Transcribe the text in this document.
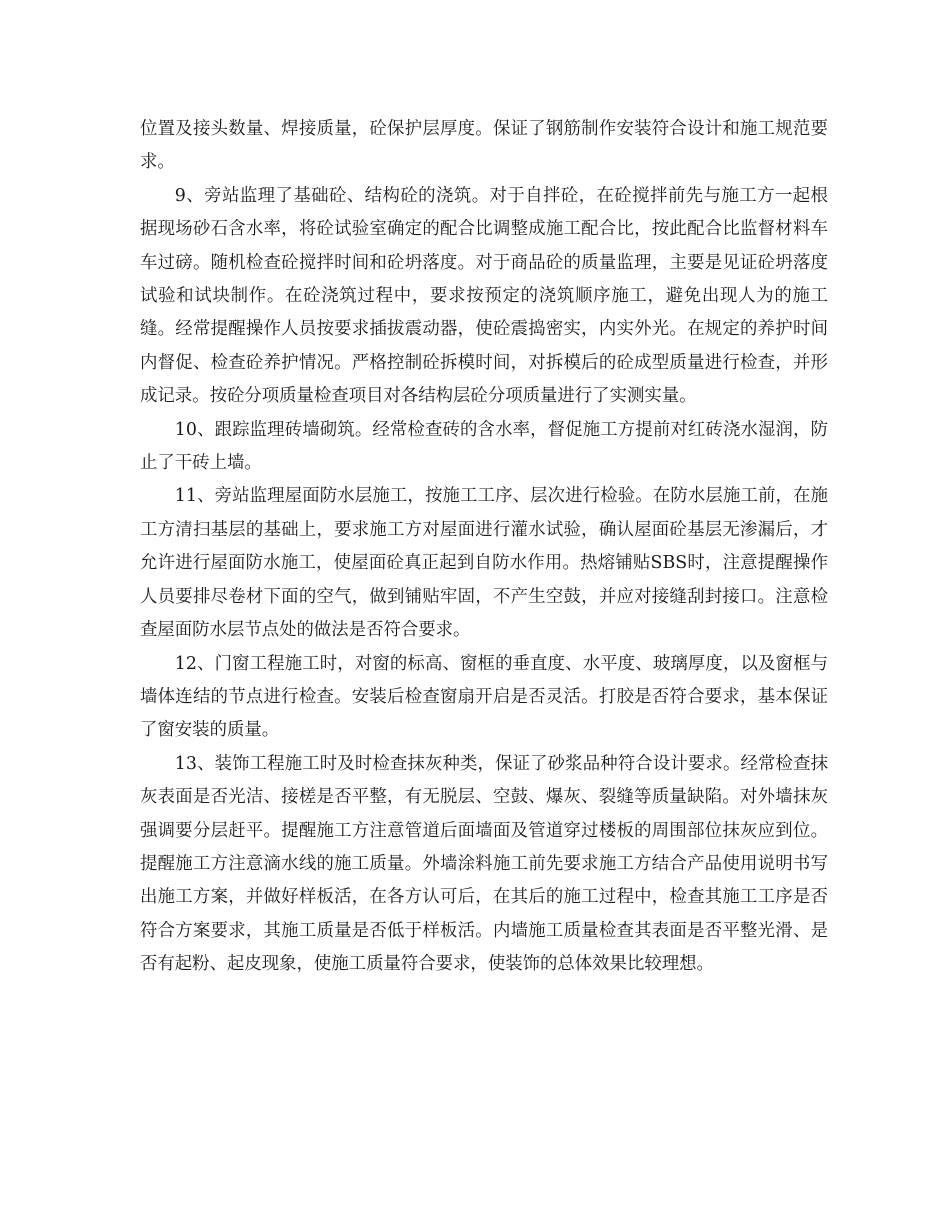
位置及接头数量、焊接质量，砼保护层厚度。保证了钢筋制作安装符合设计和施工规范要求。

9、旁站监理了基础砼、结构砼的浇筑。对于自拌砼，在砼搅拌前先与施工方一起根据现场砂石含水率，将砼试验室确定的配合比调整成施工配合比，按此配合比监督材料车车过磅。随机检查砼搅拌时间和砼坍落度。对于商品砼的质量监理，主要是见证砼坍落度试验和试块制作。在砼浇筑过程中，要求按预定的浇筑顺序施工，避免出现人为的施工缝。经常提醒操作人员按要求插拔震动器，使砼震捣密实，内实外光。在规定的养护时间内督促、检查砼养护情况。严格控制砼拆模时间，对拆模后的砼成型质量进行检查，并形成记录。按砼分项质量检查项目对各结构层砼分项质量进行了实测实量。

10、跟踪监理砖墙砌筑。经常检查砖的含水率，督促施工方提前对红砖浇水湿润，防止了干砖上墙。

11、旁站监理屋面防水层施工，按施工工序、层次进行检验。在防水层施工前，在施工方清扫基层的基础上，要求施工方对屋面进行灌水试验，确认屋面砼基层无渗漏后，才允许进行屋面防水施工，使屋面砼真正起到自防水作用。热熔铺贴SBS时，注意提醒操作人员要排尽卷材下面的空气，做到铺贴牢固，不产生空鼓，并应对接缝刮封接口。注意检查屋面防水层节点处的做法是否符合要求。

12、门窗工程施工时，对窗的标高、窗框的垂直度、水平度、玻璃厚度，以及窗框与墙体连结的节点进行检查。安装后检查窗扇开启是否灵活。打胶是否符合要求，基本保证了窗安装的质量。

13、装饰工程施工时及时检查抹灰种类，保证了砂浆品种符合设计要求。经常检查抹灰表面是否光洁、接槎是否平整，有无脱层、空鼓、爆灰、裂缝等质量缺陷。对外墙抹灰强调要分层赶平。提醒施工方注意管道后面墙面及管道穿过楼板的周围部位抹灰应到位。提醒施工方注意滴水线的施工质量。外墙涂料施工前先要求施工方结合产品使用说明书写出施工方案，并做好样板活，在各方认可后，在其后的施工过程中，检查其施工工序是否符合方案要求，其施工质量是否低于样板活。内墙施工质量检查其表面是否平整光滑、是否有起粉、起皮现象，使施工质量符合要求，使装饰的总体效果比较理想。
